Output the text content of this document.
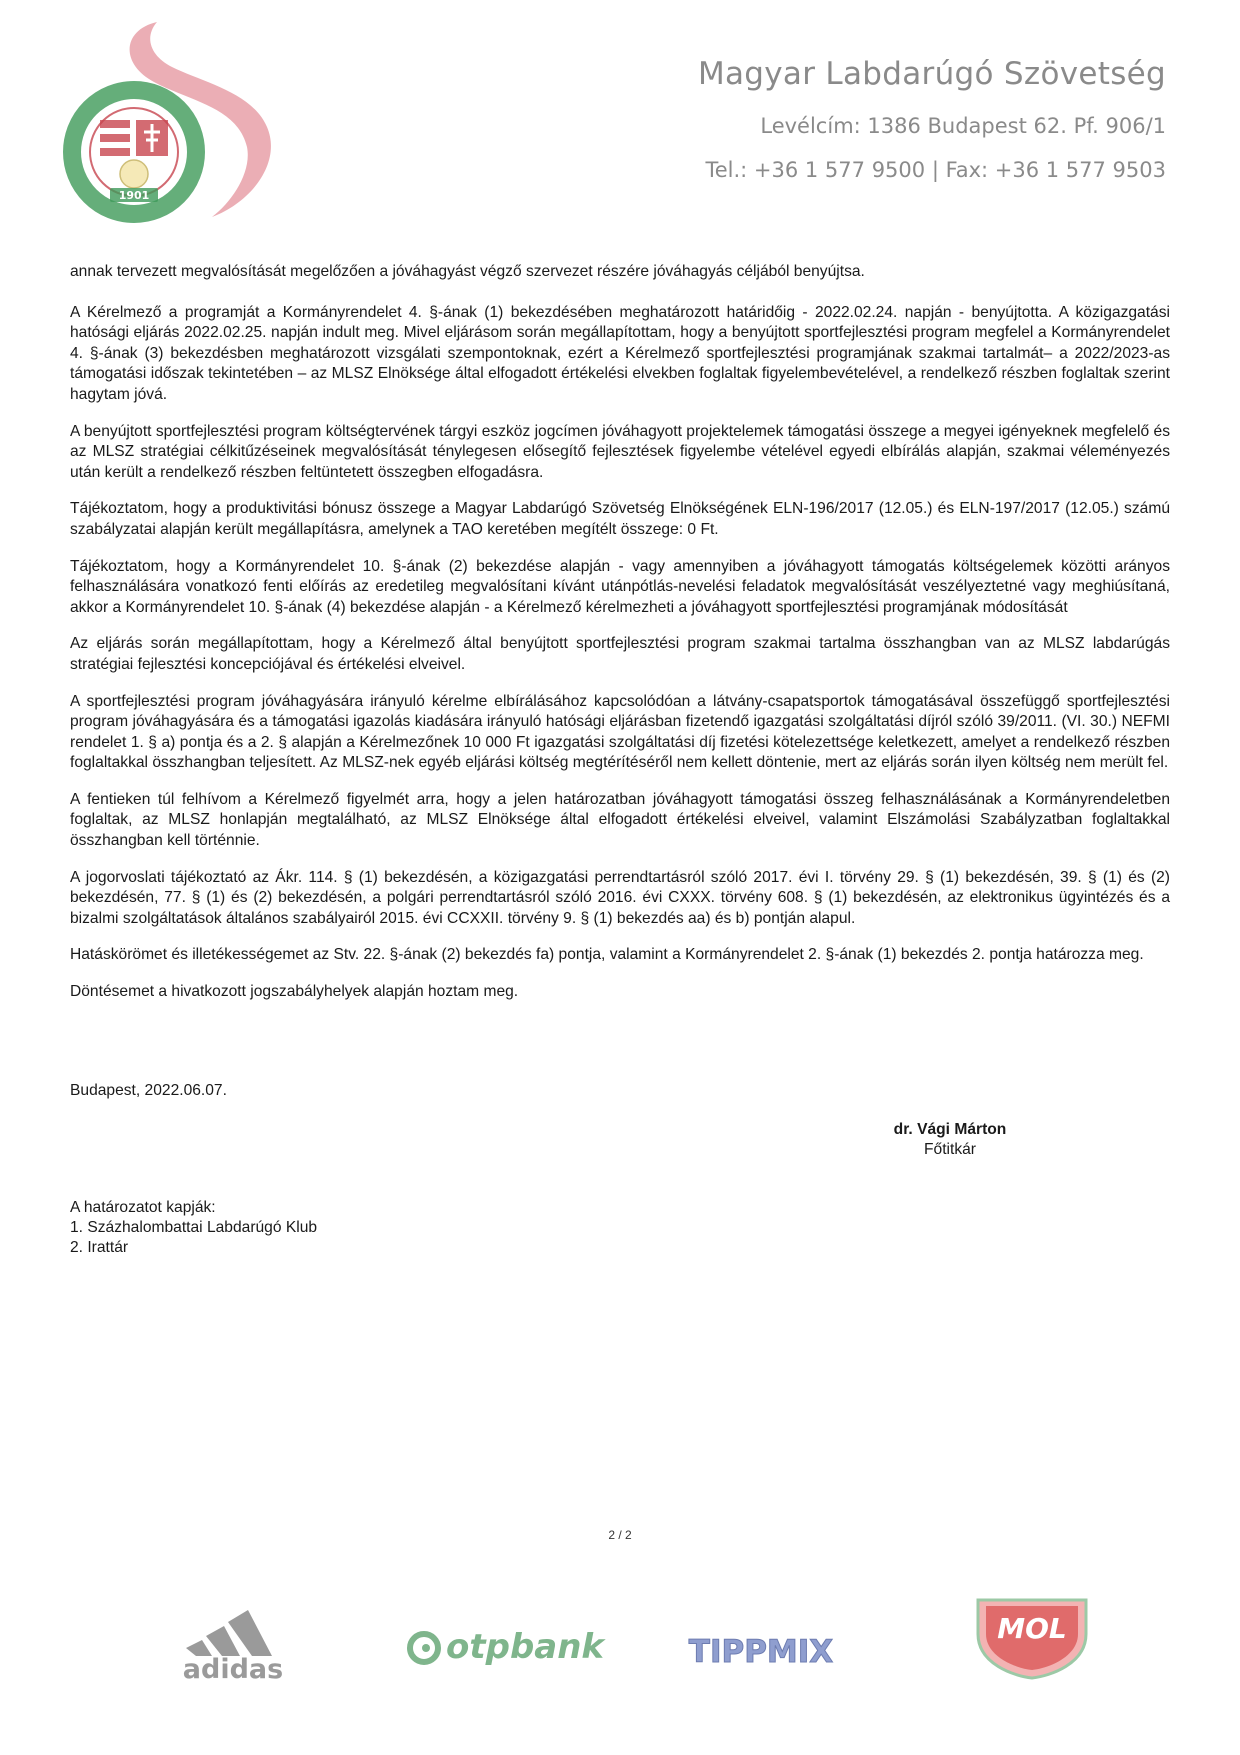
1901
Magyar Labdarúgó Szövetség
Levélcím: 1386 Budapest 62. Pf. 906/1
Tel.: +36 1 577 9500 | Fax: +36 1 577 9503

annak tervezett megvalósítását megelőzően a jóváhagyást végző szervezet részére jóváhagyás céljából benyújtsa.

A Kérelmező a programját a Kormányrendelet 4. §-ának (1) bekezdésében meghatározott határidőig - 2022.02.24. napján - benyújtotta. A közigazgatási hatósági eljárás 2022.02.25. napján indult meg. Mivel eljárásom során megállapítottam, hogy a benyújtott sportfejlesztési program megfelel a Kormányrendelet 4. §-ának (3) bekezdésben meghatározott vizsgálati szempontoknak, ezért a Kérelmező sportfejlesztési programjának szakmai tartalmát– a 2022/2023-as támogatási időszak tekintetében – az MLSZ Elnöksége által elfogadott értékelési elvekben foglaltak figyelembevételével, a rendelkező részben foglaltak szerint hagytam jóvá.

A benyújtott sportfejlesztési program költségtervének tárgyi eszköz jogcímen jóváhagyott projektelemek támogatási összege a megyei igényeknek megfelelő és az MLSZ stratégiai célkitűzéseinek megvalósítását ténylegesen elősegítő fejlesztések figyelembe vételével egyedi elbírálás alapján, szakmai véleményezés után került a rendelkező részben feltüntetett összegben elfogadásra.

Tájékoztatom, hogy a produktivitási bónusz összege a Magyar Labdarúgó Szövetség Elnökségének ELN-196/2017 (12.05.) és ELN-197/2017 (12.05.) számú szabályzatai alapján került megállapításra, amelynek a TAO keretében megítélt összege: 0 Ft.

Tájékoztatom, hogy a Kormányrendelet 10. §-ának (2) bekezdése alapján - vagy amennyiben a jóváhagyott támogatás költségelemek közötti arányos felhasználására vonatkozó fenti előírás az eredetileg megvalósítani kívánt utánpótlás-nevelési feladatok megvalósítását veszélyeztetné vagy meghiúsítaná, akkor a Kormányrendelet 10. §-ának (4) bekezdése alapján - a Kérelmező kérelmezheti a jóváhagyott sportfejlesztési programjának módosítását

Az eljárás során megállapítottam, hogy a Kérelmező által benyújtott sportfejlesztési program szakmai tartalma összhangban van az MLSZ labdarúgás stratégiai fejlesztési koncepciójával és értékelési elveivel.

A sportfejlesztési program jóváhagyására irányuló kérelme elbírálásához kapcsolódóan a látvány-csapatsportok támogatásával összefüggő sportfejlesztési program jóváhagyására és a támogatási igazolás kiadására irányuló hatósági eljárásban fizetendő igazgatási szolgáltatási díjról szóló 39/2011. (VI. 30.) NEFMI rendelet 1. § a) pontja és a 2. § alapján a Kérelmezőnek 10 000 Ft igazgatási szolgáltatási díj fizetési kötelezettsége keletkezett, amelyet a rendelkező részben foglaltakkal összhangban teljesített. Az MLSZ-nek egyéb eljárási költség megtérítéséről nem kellett döntenie, mert az eljárás során ilyen költség nem merült fel.

A fentieken túl felhívom a Kérelmező figyelmét arra, hogy a jelen határozatban jóváhagyott támogatási összeg felhasználásának a Kormányrendeletben foglaltak, az MLSZ honlapján megtalálható, az MLSZ Elnöksége által elfogadott értékelési elveivel, valamint Elszámolási Szabályzatban foglaltakkal összhangban kell történnie.

A jogorvoslati tájékoztató az Ákr. 114. § (1) bekezdésén, a közigazgatási perrendtartásról szóló 2017. évi I. törvény 29. § (1) bekezdésén, 39. § (1) és (2) bekezdésén, 77. § (1) és (2) bekezdésén, a polgári perrendtartásról szóló 2016. évi CXXX. törvény 608. § (1) bekezdésén, az elektronikus ügyintézés és a bizalmi szolgáltatások általános szabályairól 2015. évi CCXXII. törvény 9. § (1) bekezdés aa) és b) pontján alapul.

Hatáskörömet és illetékességemet az Stv. 22. §-ának (2) bekezdés fa) pontja, valamint a Kormányrendelet 2. §-ának (1) bekezdés 2. pontja határozza meg.

Döntésemet a hivatkozott jogszabályhelyek alapján hoztam meg.

Budapest, 2022.06.07.
dr. Vági Márton
Főtitkár
A határozatot kapják:
1. Százhalombattai Labdarúgó Klub
2. Irattár
2 / 2
adidas
otpbank	TIPPMIX
MOL
